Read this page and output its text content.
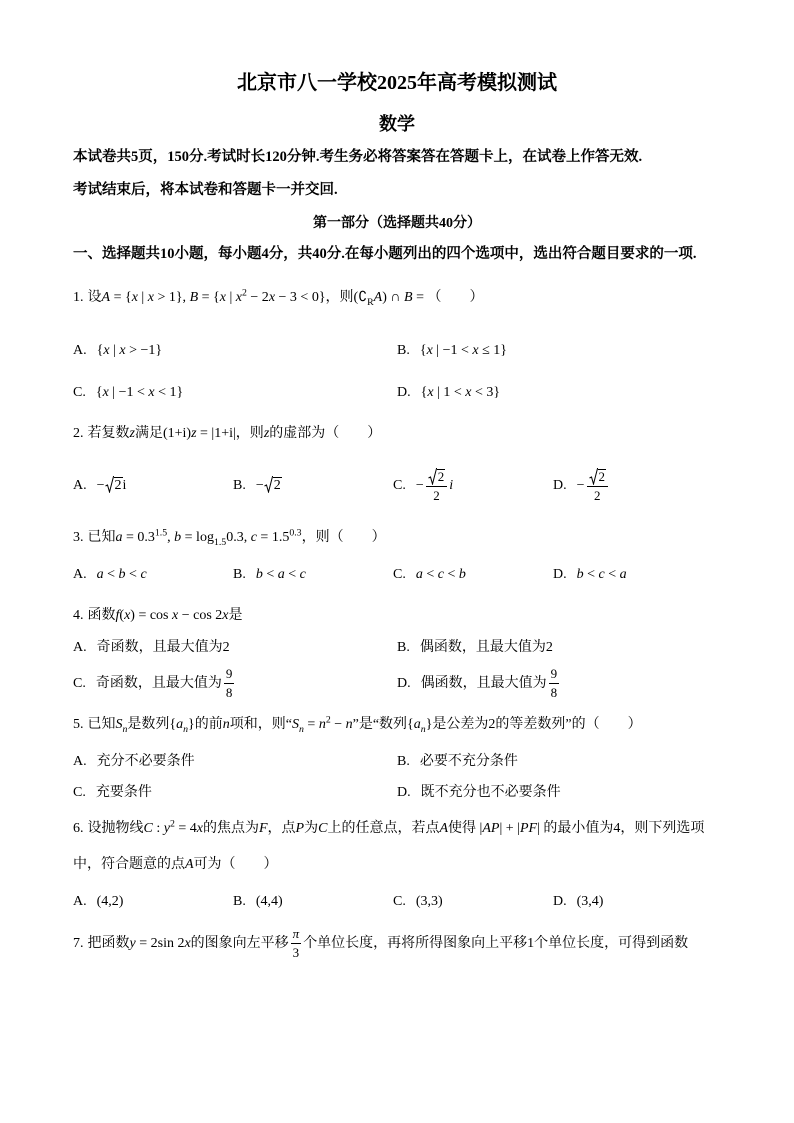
北京市八一学校2025年高考模拟测试
数学
本试卷共5页，150分.考试时长120分钟.考生务必将答案答在答题卡上，在试卷上作答无效.
考试结束后，将本试卷和答题卡一并交回.
第一部分（选择题共40分）
一、选择题共10小题，每小题4分，共40分.在每小题列出的四个选项中，选出符合题目要求的一项.
1. 设A = {x | x > 1}, B = {x | $x^2 - 2x - 3 < 0$}，则$(∁_RA)$ ∩ B = （　　）
A. {x | x > −1}	B. {x | −1 < x ≤ 1}
C. {x | −1 < x < 1}	D. {x | 1 < x < 3}
2. 若复数z满足(1+i)z = |1+i|，则z的虚部为（　　）
A. − 2i	B. − 2	C. − $\frac{2}{2}$ i	D. − $\frac{2}{2}$
3. 已知$a = 0.3^{1.5}$, $b = \log_{1.5}0.3$, $c = 1.5^{0.3}$，则（　　）
A. a < b < c	B. b < a < c	C. a < c < b	D. b < c < a
4. 函数f(x) = cos x − cos 2x是
A. 奇函数，且最大值为2	B. 偶函数，且最大值为2
C. 奇函数，且最大值为 $\frac{9}{8}$	D. 偶函数，且最大值为 $\frac{9}{8}$
5. 已知$S_n$是数列$\{a_n\}$的前n项和，则“$S_n = n^2 - n$”是“数列$\{a_n\}$是公差为2的等差数列”的（　　）
A. 充分不必要条件	B. 必要不充分条件
C. 充要条件	D. 既不充分也不必要条件
6. 设抛物线C : $y^2 = 4x$的焦点为F，点P为C上的任意点，若点A使得 |AP| + |PF| 的最小值为4，则下列选项中，符合题意的点A可为（　　）
A. (4,2)	B. (4,4)	C. (3,3)	D. (3,4)
7. 把函数y = 2sin 2x的图象向左平移 $\frac{\pi}{3}$ 个单位长度，再将所得图象向上平移1个单位长度，可得到函数
